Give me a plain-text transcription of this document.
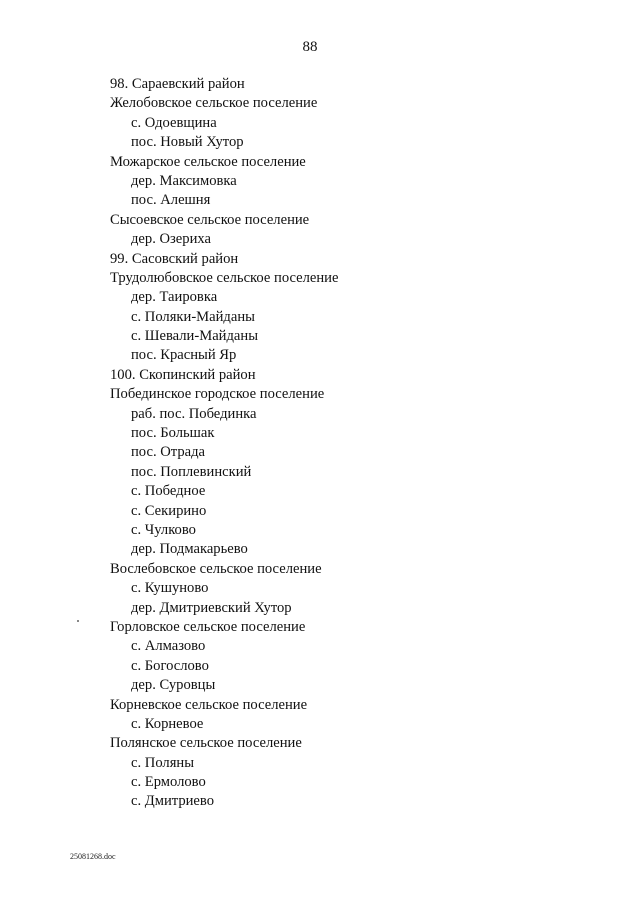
88
98. Сараевский район
Желобовское сельское поселение
с. Одоевщина
пос. Новый Хутор
Можарское сельское поселение
дер. Максимовка
пос. Алешня
Сысоевское сельское поселение
дер. Озериха
99. Сасовский район
Трудолюбовское сельское поселение
дер. Таировка
с. Поляки-Майданы
с. Шевали-Майданы
пос. Красный Яр
100. Скопинский район
Побединское городское поселение
раб. пос. Побединка
пос. Большак
пос. Отрада
пос. Поплевинский
с. Победное
с. Секирино
с. Чулково
дер. Подмакарьево
Вослебовское сельское поселение
с. Кушуново
дер. Дмитриевский Хутор
Горловское сельское поселение
с. Алмазово
с. Богослово
дер. Суровцы
Корневское сельское поселение
с. Корневое
Полянское сельское поселение
с. Поляны
с. Ермолово
с. Дмитриево
25081268.doc
